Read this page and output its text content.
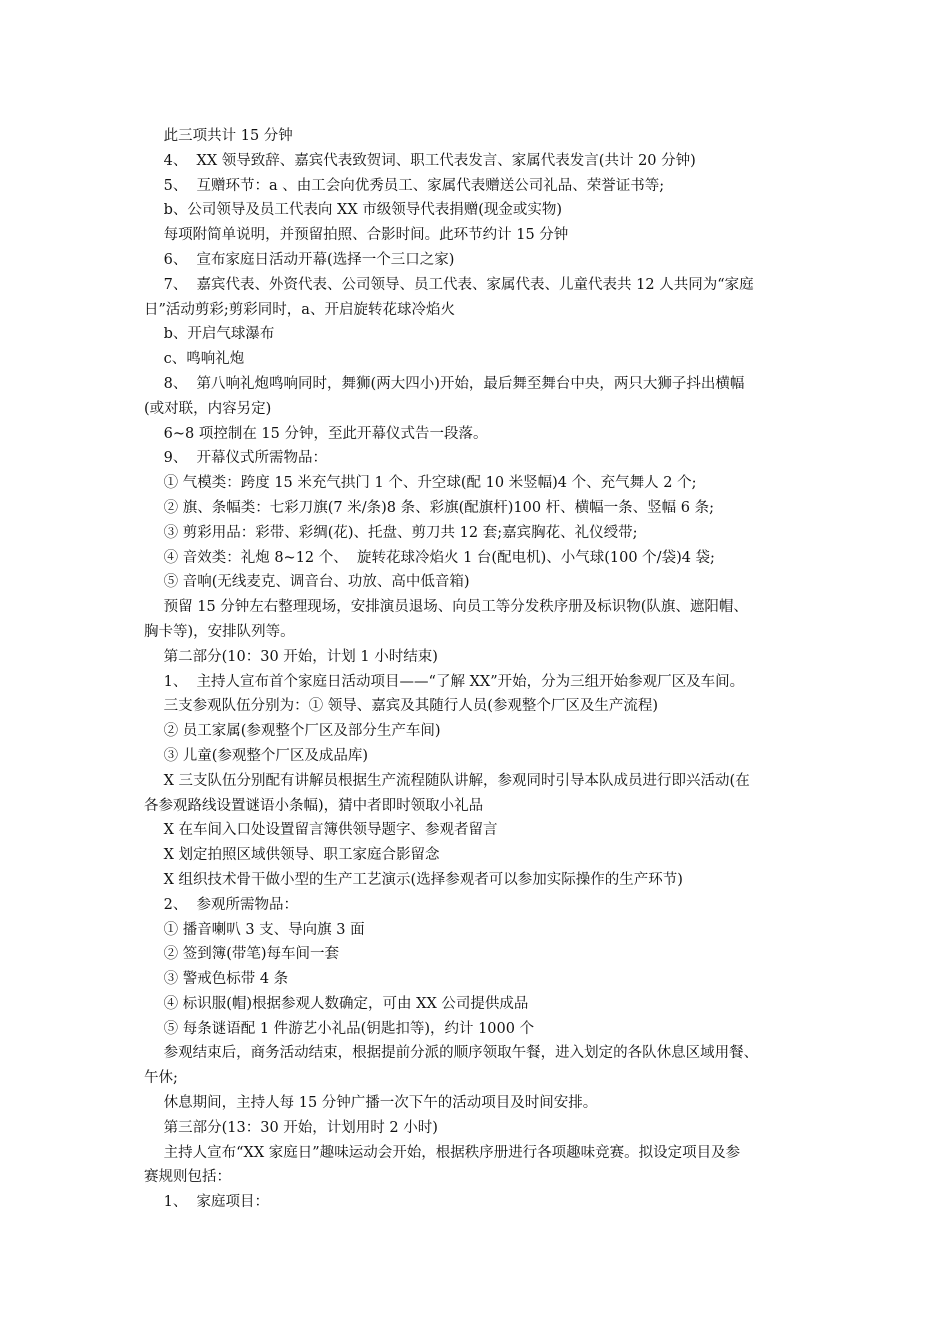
此三项共计 15 分钟
4、  XX 领导致辞、嘉宾代表致贺词、职工代表发言、家属代表发言(共计 20 分钟)
5、  互赠环节：a 、由工会向优秀员工、家属代表赠送公司礼品、荣誉证书等;
b、公司领导及员工代表向 XX 市级领导代表捐赠(现金或实物)
每项附简单说明，并预留拍照、合影时间。此环节约计 15 分钟
6、  宣布家庭日活动开幕(选择一个三口之家)
7、  嘉宾代表、外资代表、公司领导、员工代表、家属代表、儿童代表共 12 人共同为“家庭
日”活动剪彩;剪彩同时，a、开启旋转花球冷焰火
b、开启气球瀑布
c、鸣响礼炮
8、  第八响礼炮鸣响同时，舞狮(两大四小)开始，最后舞至舞台中央，两只大狮子抖出横幅
(或对联，内容另定)
6~8 项控制在 15 分钟，至此开幕仪式告一段落。
9、  开幕仪式所需物品：
① 气模类：跨度 15 米充气拱门 1 个、升空球(配 10 米竖幅)4 个、充气舞人 2 个;
② 旗、条幅类：七彩刀旗(7 米/条)8 条、彩旗(配旗杆)100 杆、横幅一条、竖幅 6 条;
③ 剪彩用品：彩带、彩绸(花)、托盘、剪刀共 12 套;嘉宾胸花、礼仪绶带;
④ 音效类：礼炮 8~12 个、  旋转花球冷焰火 1 台(配电机)、小气球(100 个/袋)4 袋;
⑤ 音响(无线麦克、调音台、功放、高中低音箱)
预留 15 分钟左右整理现场，安排演员退场、向员工等分发秩序册及标识物(队旗、遮阳帽、
胸卡等)，安排队列等。
第二部分(10：30 开始，计划 1 小时结束)
1、  主持人宣布首个家庭日活动项目——“了解 XX”开始，分为三组开始参观厂区及车间。
三支参观队伍分别为：① 领导、嘉宾及其随行人员(参观整个厂区及生产流程)
② 员工家属(参观整个厂区及部分生产车间)
③ 儿童(参观整个厂区及成品库)
X 三支队伍分别配有讲解员根据生产流程随队讲解，参观同时引导本队成员进行即兴活动(在
各参观路线设置谜语小条幅)，猜中者即时领取小礼品
X 在车间入口处设置留言簿供领导题字、参观者留言
X 划定拍照区域供领导、职工家庭合影留念
X 组织技术骨干做小型的生产工艺演示(选择参观者可以参加实际操作的生产环节)
2、  参观所需物品：
① 播音喇叭 3 支、导向旗 3 面
② 签到簿(带笔)每车间一套
③ 警戒色标带 4 条
④ 标识服(帽)根据参观人数确定，可由 XX 公司提供成品
⑤ 每条谜语配 1 件游艺小礼品(钥匙扣等)，约计 1000 个
参观结束后，商务活动结束，根据提前分派的顺序领取午餐，进入划定的各队休息区域用餐、
午休;
休息期间，主持人每 15 分钟广播一次下午的活动项目及时间安排。
第三部分(13：30 开始，计划用时 2 小时)
主持人宣布“XX 家庭日”趣味运动会开始，根据秩序册进行各项趣味竞赛。拟设定项目及参
赛规则包括：
1、  家庭项目：
